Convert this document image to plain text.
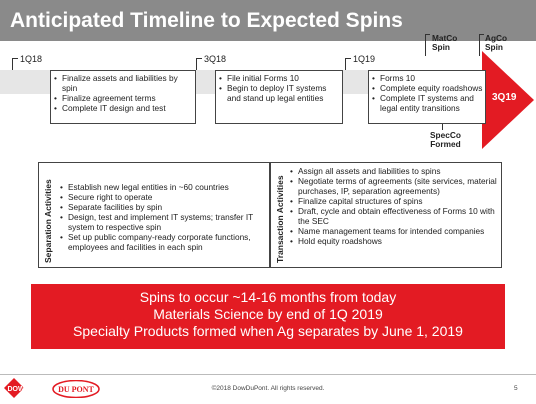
Anticipated Timeline to Expected Spins
1Q18	3Q18	1Q19
MatCo
Spin
AgCo
Spin
3Q19
• Finalize assets and liabilities by spin
• Finalize agreement terms
• Complete IT design and test
• File initial Forms 10
• Begin to deploy IT systems and stand up legal entities
• Forms 10
• Complete equity roadshows
• Complete IT systems and legal entity transitions
SpecCo
Formed
Separation Activities
•	Establish new legal entities in ~60 countries
• Secure right to operate
• Separate facilities by spin
• Design, test and implement IT systems; transfer IT system to respective spin
• Set up public company-ready corporate functions, employees and facilities in each spin	Transaction Activities
• Assign all assets and liabilities to spins
• Negotiate terms of agreements (site services, material purchases, IP, separation agreements)
• Finalize capital structures of spins
• Draft, cycle and obtain effectiveness of Forms 10 with the SEC
• Name management teams for intended companies
• Hold equity roadshows
Spins to occur ~14-16 months from today
Materials Science by end of 1Q 2019
Specialty Products formed when Ag separates by June 1, 2019
DOW	DU PONT	©2018 DowDuPont. All rights reserved.	5
